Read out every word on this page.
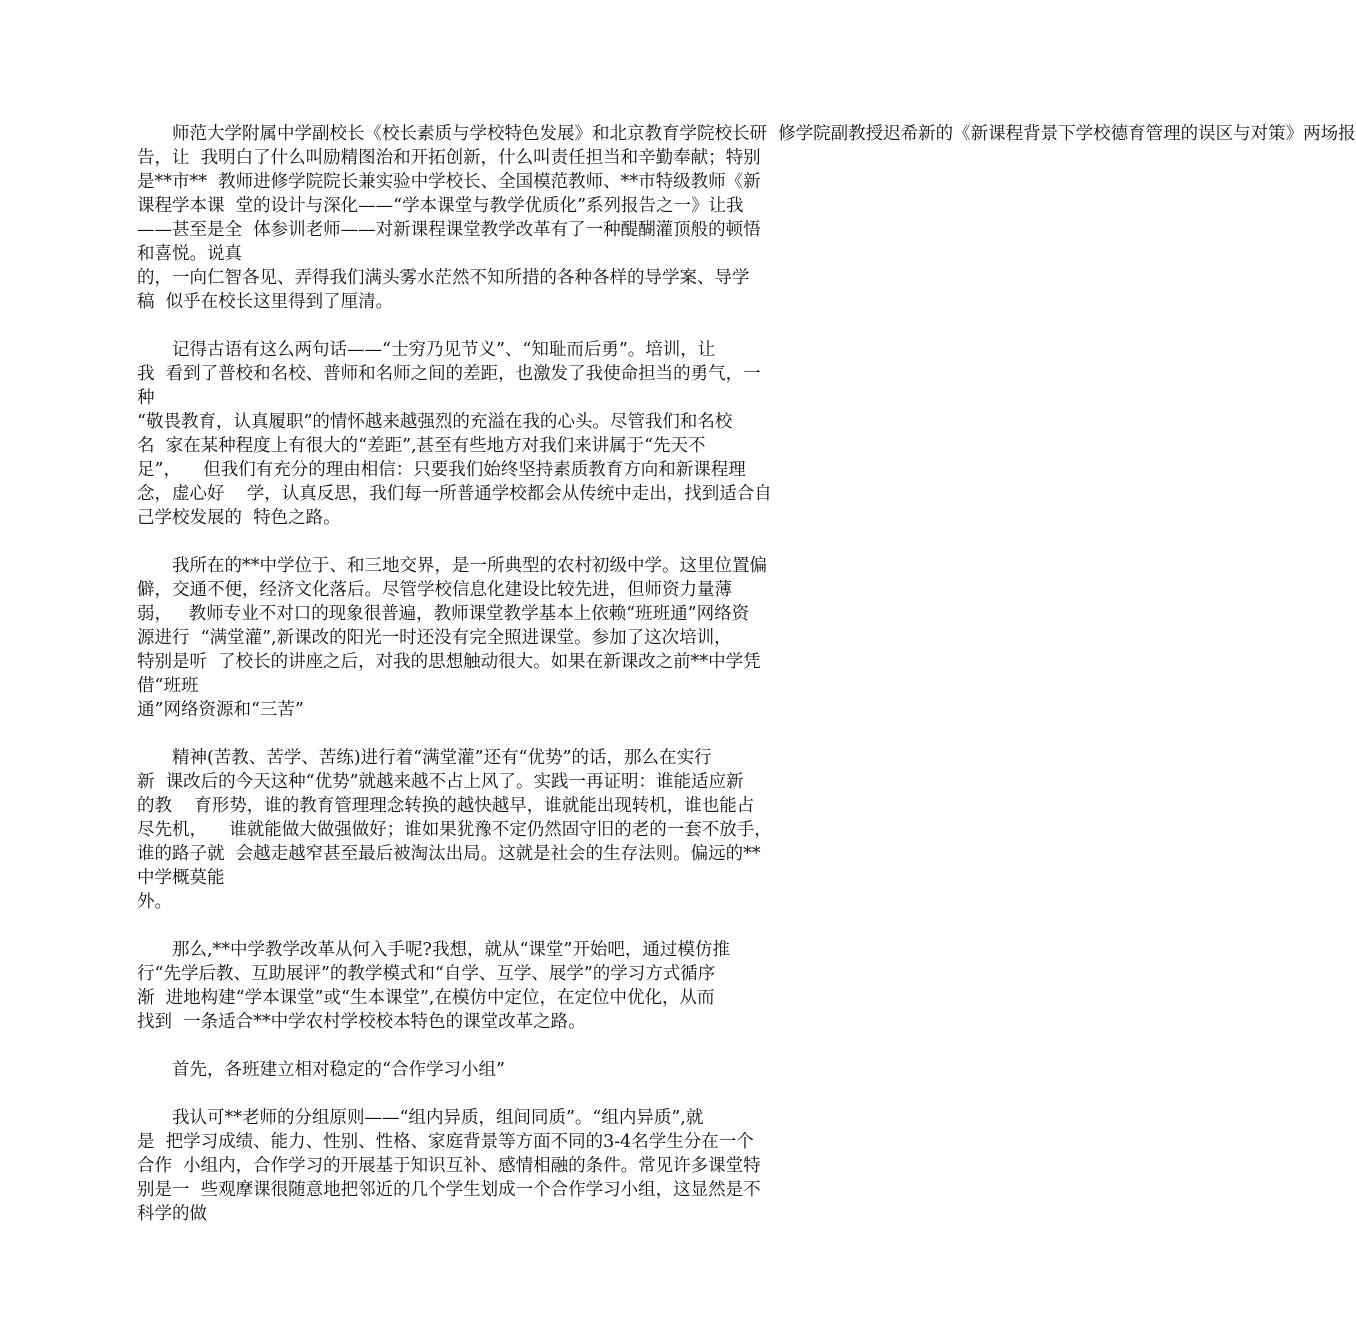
　　师范大学附属中学副校长《校长素质与学校特色发展》和北京教育学院校长研  修学院副教授迟希新的《新课程背景下学校德育管理的误区与对策》两场报
告，让  我明白了什么叫励精图治和开拓创新，什么叫责任担当和辛勤奉献；特别
是**市**  教师进修学院院长兼实验中学校长、全国模范教师、**市特级教师《新
课程学本课  堂的设计与深化——“学本课堂与教学优质化”系列报告之一》让我
——甚至是全  体参训老师——对新课程课堂教学改革有了一种醍醐灌顶般的顿悟
和喜悦。说真
的，一向仁智各见、弄得我们满头雾水茫然不知所措的各种各样的导学案、导学
稿  似乎在校长这里得到了厘清。
　　记得古语有这么两句话——“士穷乃见节义”、“知耻而后勇”。培训，让
我  看到了普校和名校、普师和名师之间的差距，也激发了我使命担当的勇气，一
种
“敬畏教育，认真履职”的情怀越来越强烈的充溢在我的心头。尽管我们和名校
名  家在某种程度上有很大的“差距”,甚至有些地方对我们来讲属于“先天不
足”，    但我们有充分的理由相信：只要我们始终坚持素质教育方向和新课程理
念，虚心好    学，认真反思，我们每一所普通学校都会从传统中走出，找到适合自
己学校发展的  特色之路。
　　我所在的**中学位于、和三地交界，是一所典型的农村初级中学。这里位置偏
僻，交通不便，经济文化落后。尽管学校信息化建设比较先进，但师资力量薄
弱，   教师专业不对口的现象很普遍，教师课堂教学基本上依赖“班班通”网络资
源进行  “满堂灌”,新课改的阳光一时还没有完全照进课堂。参加了这次培训，
特别是听  了校长的讲座之后，对我的思想触动很大。如果在新课改之前**中学凭
借“班班
通”网络资源和“三苦”
　　精神(苦教、苦学、苦练)进行着“满堂灌”还有“优势”的话，那么在实行
新  课改后的今天这种“优势”就越来越不占上风了。实践一再证明：谁能适应新
的教    育形势，谁的教育管理理念转换的越快越早，谁就能出现转机，谁也能占
尽先机，    谁就能做大做强做好；谁如果犹豫不定仍然固守旧的老的一套不放手，
谁的路子就  会越走越窄甚至最后被淘汰出局。这就是社会的生存法则。偏远的**
中学概莫能
外。
　　那么,**中学教学改革从何入手呢?我想，就从“课堂”开始吧，通过模仿推
行“先学后教、互助展评”的教学模式和“自学、互学、展学”的学习方式循序
渐  进地构建“学本课堂”或“生本课堂”,在模仿中定位，在定位中优化，从而
找到  一条适合**中学农村学校校本特色的课堂改革之路。
　　首先，各班建立相对稳定的“合作学习小组”
　　我认可**老师的分组原则——“组内异质，组间同质”。“组内异质”,就
是  把学习成绩、能力、性别、性格、家庭背景等方面不同的3-4名学生分在一个
合作  小组内，合作学习的开展基于知识互补、感情相融的条件。常见许多课堂特
别是一  些观摩课很随意地把邻近的几个学生划成一个合作学习小组，这显然是不
科学的做
